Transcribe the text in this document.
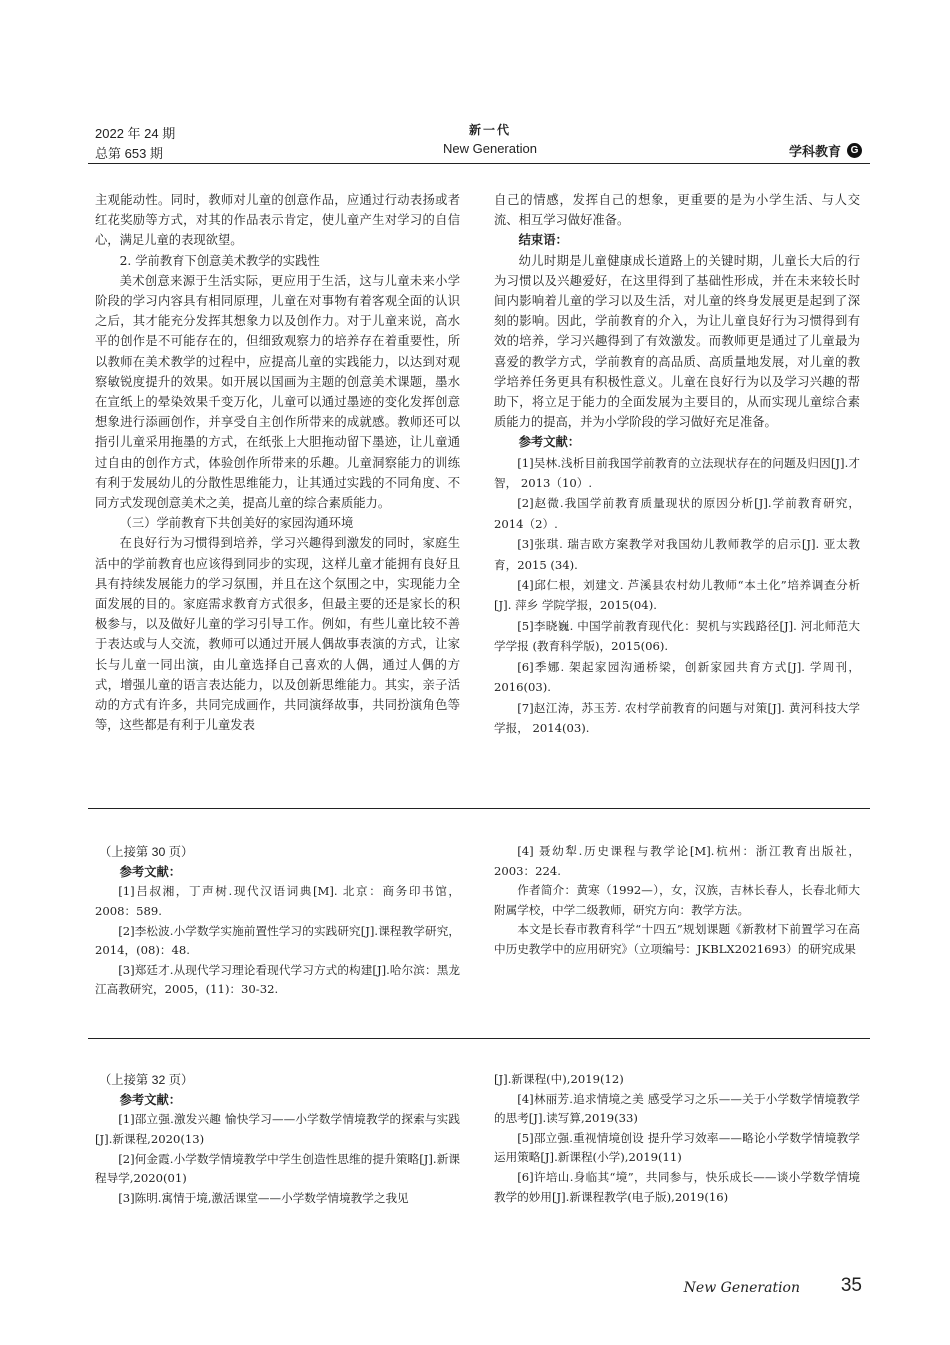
2022 年 24 期
总第 653 期
新一代
New Generation	学科教育 G

主观能动性。同时，教师对儿童的创意作品，应通过行动表扬或者红花奖励等方式，对其的作品表示肯定，使儿童产生对学习的自信心，满足儿童的表现欲望。

2. 学前教育下创意美术教学的实践性

美术创意来源于生活实际，更应用于生活，这与儿童未来小学阶段的学习内容具有相同原理，儿童在对事物有着客观全面的认识之后，其才能充分发挥其想象力以及创作力。对于儿童来说，高水平的创作是不可能存在的，但细致观察力的培养存在着重要性，所以教师在美术教学的过程中，应提高儿童的实践能力，以达到对观察敏锐度提升的效果。如开展以国画为主题的创意美术课题，墨水在宣纸上的晕染效果千变万化，儿童可以通过墨迹的变化发挥创意想象进行添画创作，并享受自主创作所带来的成就感。教师还可以指引儿童采用拖墨的方式，在纸张上大胆拖动留下墨迹，让儿童通过自由的创作方式，体验创作所带来的乐趣。儿童洞察能力的训练有利于发展幼儿的分散性思维能力，让其通过实践的不同角度、不同方式发现创意美术之美，提高儿童的综合素质能力。

（三）学前教育下共创美好的家园沟通环境

在良好行为习惯得到培养，学习兴趣得到激发的同时，家庭生活中的学前教育也应该得到同步的实现，这样儿童才能拥有良好且具有持续发展能力的学习氛围，并且在这个氛围之中，实现能力全面发展的目的。家庭需求教育方式很多，但最主要的还是家长的积极参与，以及做好儿童的学习引导工作。例如，有些儿童比较不善于表达或与人交流，教师可以通过开展人偶故事表演的方式，让家长与儿童一同出演，由儿童选择自己喜欢的人偶，通过人偶的方式，增强儿童的语言表达能力，以及创新思维能力。其实，亲子活动的方式有许多，共同完成画作，共同演绎故事，共同扮演角色等等，这些都是有利于儿童发表

自己的情感，发挥自己的想象，更重要的是为小学生活、与人交流、相互学习做好准备。

结束语：

幼儿时期是儿童健康成长道路上的关键时期，儿童长大后的行为习惯以及兴趣爱好，在这里得到了基础性形成，并在未来较长时间内影响着儿童的学习以及生活，对儿童的终身发展更是起到了深刻的影响。因此，学前教育的介入，为让儿童良好行为习惯得到有效的培养，学习兴趣得到了有效激发。而教师更是通过了儿童最为喜爱的教学方式，学前教育的高品质、高质量地发展，对儿童的教学培养任务更具有积极性意义。儿童在良好行为以及学习兴趣的帮助下，将立足于能力的全面发展为主要目的，从而实现儿童综合素质能力的提高，并为小学阶段的学习做好充足准备。

参考文献：

[1]吴林.浅析目前我国学前教育的立法现状存在的问题及归因[J].才智， 2013（10）.

[2]赵微.我国学前教育质量现状的原因分析[J].学前教育研究， 2014（2）.

[3]张琪. 瑞吉欧方案教学对我国幼儿教师教学的启示[J]. 亚太教育，2015 (34).

[4]邱仁根，刘建文. 芦溪县农村幼儿教师“本土化”培养调查分析[J]. 萍乡 学院学报，2015(04).

[5]李晓巍. 中国学前教育现代化：契机与实践路径[J]. 河北师范大学学报 (教育科学版)，2015(06).

[6]季娜. 架起家园沟通桥梁，创新家园共育方式[J]. 学周刊，2016(03).

[7]赵江涛，苏玉芳. 农村学前教育的问题与对策[J]. 黄河科技大学学报， 2014(03).

（上接第 30 页）

参考文献：

[1]吕叔湘，丁声树.现代汉语词典[M]. 北京：商务印书馆，2008：589.

[2]李松波.小学数学实施前置性学习的实践研究[J].课程教学研究，2014，(08)：48.

[3]郑廷才.从现代学习理论看现代学习方式的构建[J].哈尔滨：黑龙江高教研究，2005，(11)：30-32.

[4] 聂幼犁.历史课程与教学论[M].杭州：浙江教育出版社，2003：224.

作者简介：黄寒（1992—），女，汉族，吉林长春人，长春北师大附属学校，中学二级教师，研究方向：教学方法。

本文是长春市教育科学“十四五”规划课题《新教材下前置学习在高中历史教学中的应用研究》（立项编号：JKBLX2021693）的研究成果

（上接第 32 页）

参考文献：

[1]邵立强.激发兴趣 愉快学习——小学数学情境教学的探索与实践[J].新课程,2020(13)

[2]何金霞.小学数学情境教学中学生创造性思维的提升策略[J].新课程导学,2020(01)

[3]陈明.寓情于境,激活课堂——小学数学情境教学之我见

[J].新课程(中),2019(12)

[4]林丽芳.追求情境之美 感受学习之乐——关于小学数学情境教学的思考[J].读写算,2019(33)

[5]邵立强.重视情境创设 提升学习效率——略论小学数学情境教学运用策略[J].新课程(小学),2019(11)

[6]许培山.身临其“境”，共同参与，快乐成长——谈小学数学情境教学的妙用[J].新课程教学(电子版),2019(16)

New Generation 35
